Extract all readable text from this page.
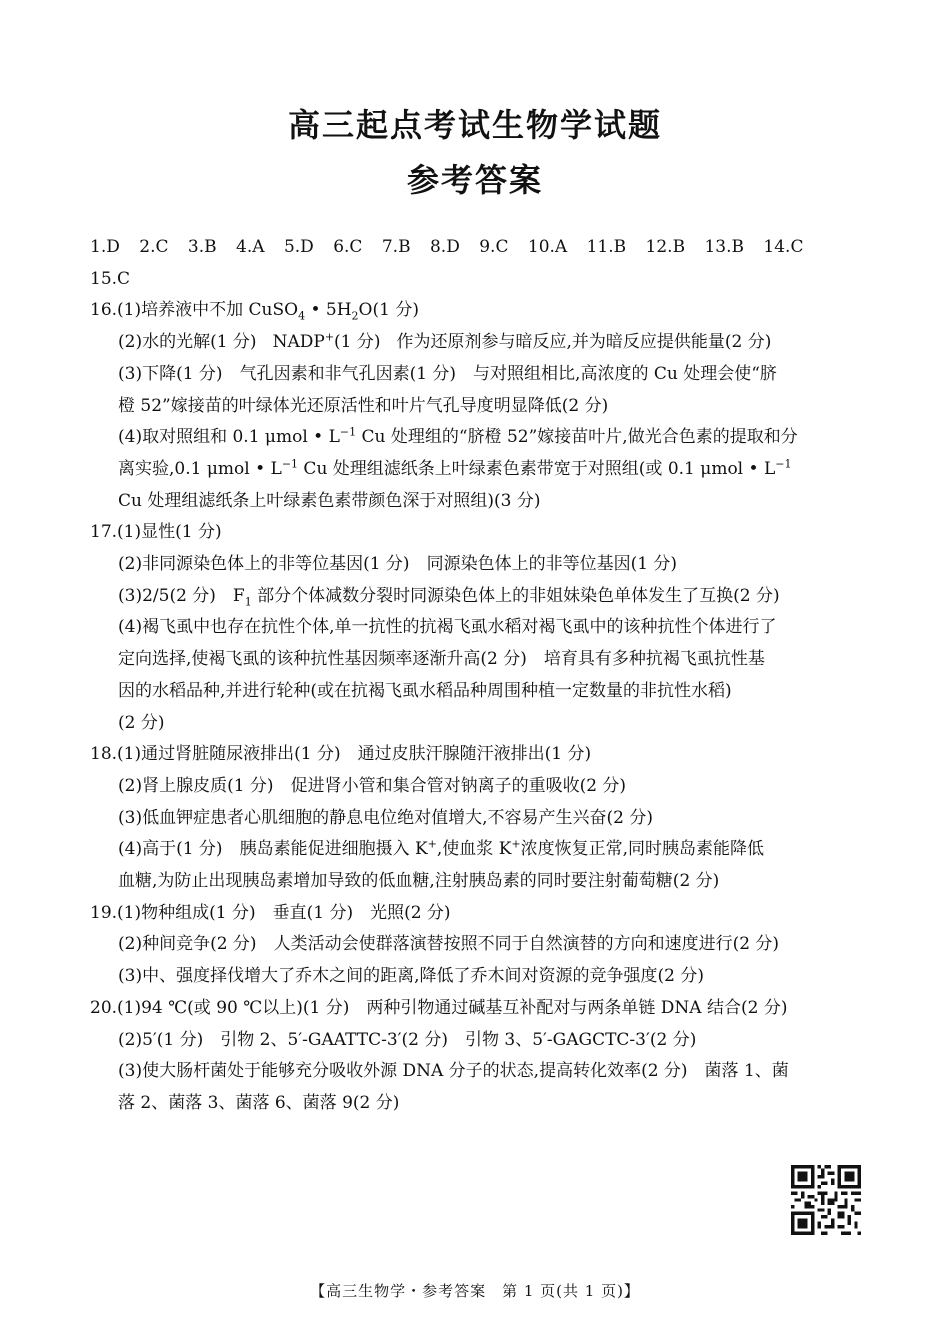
高三起点考试生物学试题
参考答案
1.D 2.C 3.B 4.A 5.D 6.C 7.B 8.D 9.C 10.A 11.B 12.B 13.B 14.C
15.C
16.(1)培养液中不加 CuSO$_4$ • $5H_2O(1$ 分)
(2)水的光解(1 分) NADP+(1 分) 作为还原剂参与暗反应,并为暗反应提供能量(2 分)
(3)下降(1 分)　气孔因素和非气孔因素(1 分)　与对照组相比,高浓度的 Cu 处理会使“脐
橙 52”嫁接苗的叶绿体光还原活性和叶片气孔导度明显降低(2 分)
(4)取对照组和 0.1 μmol • $L^{-1}$ Cu 处理组的“脐橙 52”嫁接苗叶片,做光合色素的提取和分
离实验,0.1 μmol • $L^{-1}$ Cu 处理组滤纸条上叶绿素色素带宽于对照组(或 0.1 μmol • $L^{-1}$
Cu 处理组滤纸条上叶绿素色素带颜色深于对照组)(3 分)
17.(1)显性(1 分)
(2)非同源染色体上的非等位基因(1 分)　同源染色体上的非等位基因(1 分)
(3)2/5(2 分)　$F_1$ 部分个体减数分裂时同源染色体上的非姐妹染色单体发生了互换(2 分)
(4)褐飞虱中也存在抗性个体,单一抗性的抗褐飞虱水稻对褐飞虱中的该种抗性个体进行了
定向选择,使褐飞虱的该种抗性基因频率逐渐升高(2 分)　培育具有多种抗褐飞虱抗性基
因的水稻品种,并进行轮种(或在抗褐飞虱水稻品种周围种植一定数量的非抗性水稻)
(2 分)
18.(1)通过肾脏随尿液排出(1 分)　通过皮肤汗腺随汗液排出(1 分)
(2)肾上腺皮质(1 分)　促进肾小管和集合管对钠离子的重吸收(2 分)
(3)低血钾症患者心肌细胞的静息电位绝对值增大,不容易产生兴奋(2 分)
(4)高于(1 分)　胰岛素能促进细胞摄入 K+,使血浆 K+浓度恢复正常,同时胰岛素能降低
血糖,为防止出现胰岛素增加导致的低血糖,注射胰岛素的同时要注射葡萄糖(2 分)
19.(1)物种组成(1 分)　垂直(1 分)　光照(2 分)
(2)种间竞争(2 分)　人类活动会使群落演替按照不同于自然演替的方向和速度进行(2 分)
(3)中、强度择伐增大了乔木之间的距离,降低了乔木间对资源的竞争强度(2 分)
20.(1)94 ℃(或 90 ℃以上)(1 分)　两种引物通过碱基互补配对与两条单链 DNA 结合(2 分)
(2)5′(1 分)　引物 2、5′-GAATTC-3′(2 分)　引物 3、5′-GAGCTC-3′(2 分)
(3)使大肠杆菌处于能够充分吸收外源 DNA 分子的状态,提高转化效率(2 分)　菌落 1、菌
落 2、菌落 3、菌落 6、菌落 9(2 分)
【高三生物学・参考答案　第 1 页(共 1 页)】
